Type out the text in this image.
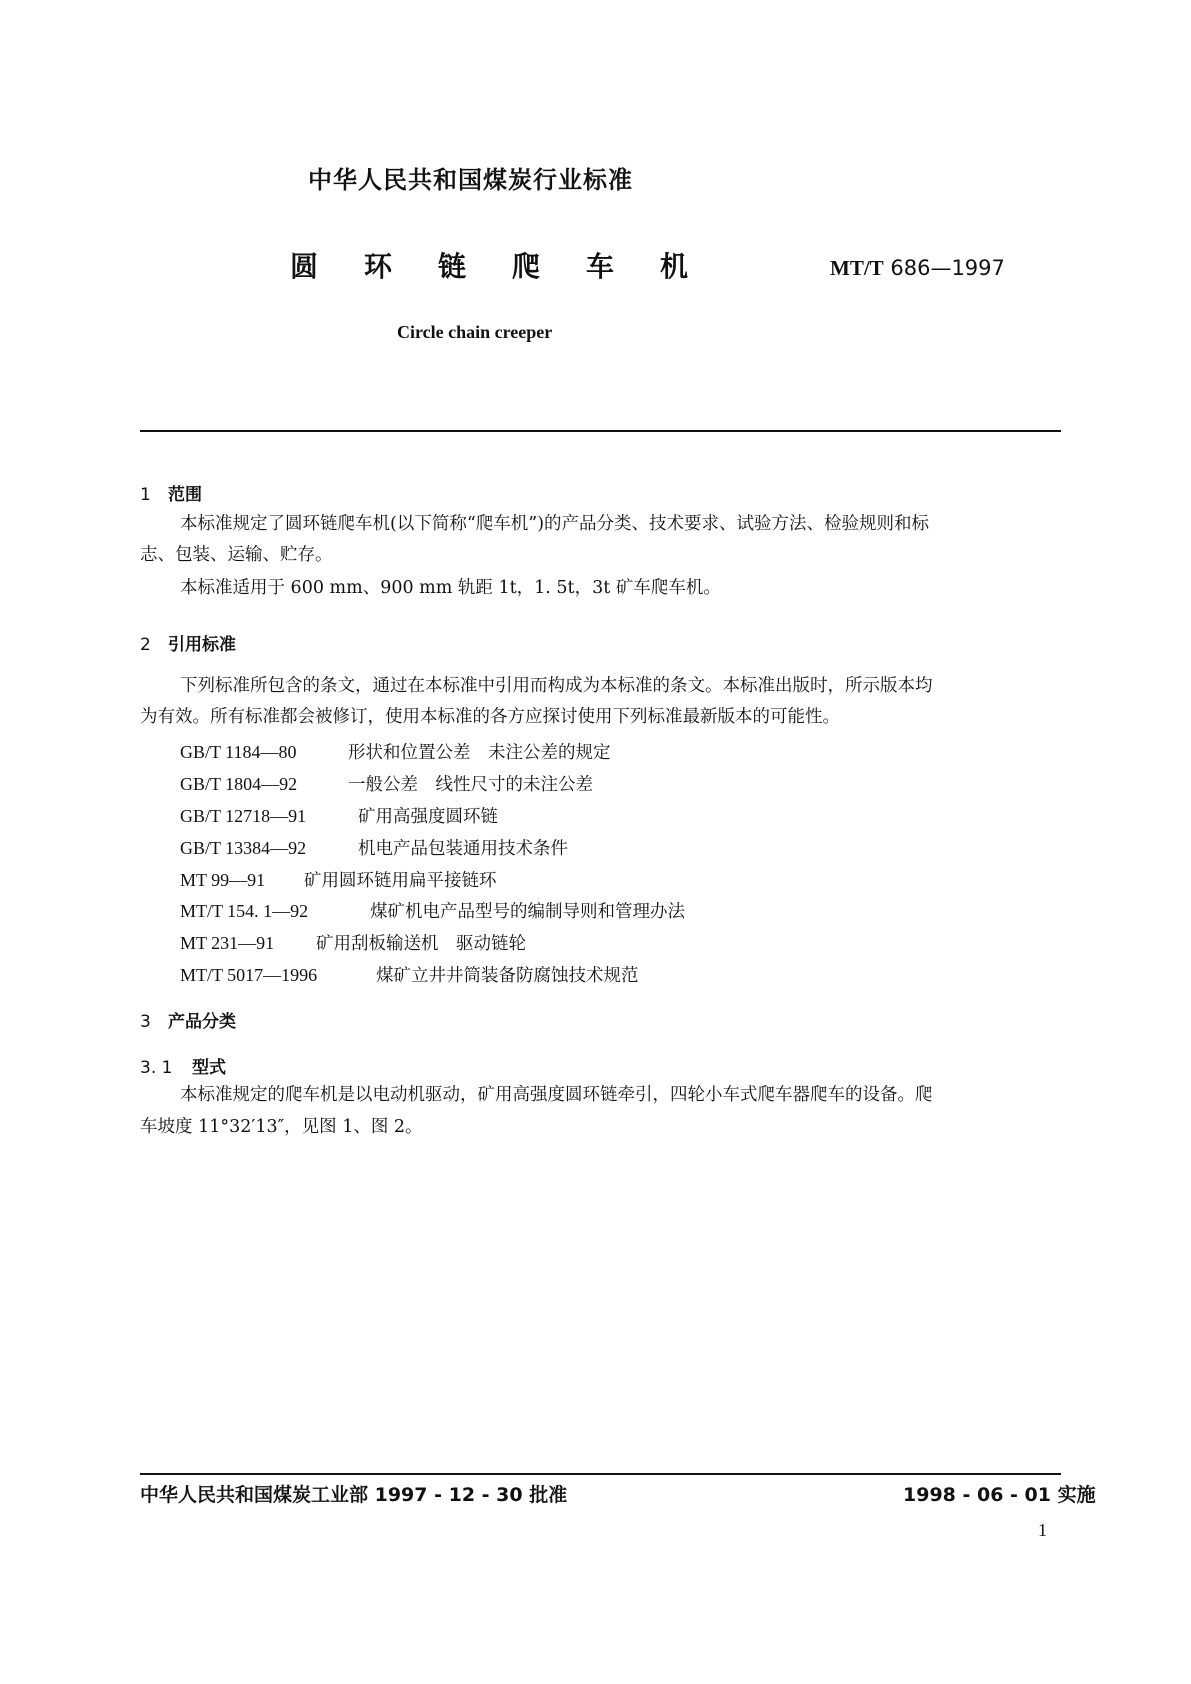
中华人民共和国煤炭行业标准
圆环链爬车机	MT/T 686—1997
Circle chain creeper
1 范围
本标准规定了圆环链爬车机(以下简称“爬车机”)的产品分类、技术要求、试验方法、检验规则和标
志、包装、运输、贮存。
本标准适用于 600 mm、900 mm 轨距 1t，1. 5t，3t 矿车爬车机。
2 引用标准
下列标准所包含的条文，通过在本标准中引用而构成为本标准的条文。本标准出版时，所示版本均
为有效。所有标准都会被修订，使用本标准的各方应探讨使用下列标准最新版本的可能性。
GB/T 1184—80	形状和位置公差　未注公差的规定
GB/T 1804—92	一般公差　线性尺寸的未注公差
GB/T 12718—91	矿用高强度圆环链
GB/T 13384—92	机电产品包装通用技术条件
MT 99—91 矿用圆环链用扁平接链环
MT/T 154. 1—92	煤矿机电产品型号的编制导则和管理办法
MT 231—91 矿用刮板输送机　驱动链轮
MT/T 5017—1996	煤矿立井井筒装备防腐蚀技术规范
3 产品分类
3. 1 型式
本标准规定的爬车机是以电动机驱动，矿用高强度圆环链牵引，四轮小车式爬车器爬车的设备。爬
车坡度 11°32′13″，见图 1、图 2。
中华人民共和国煤炭工业部 1997 - 12 - 30 批准	1998 - 06 - 01 实施
1
